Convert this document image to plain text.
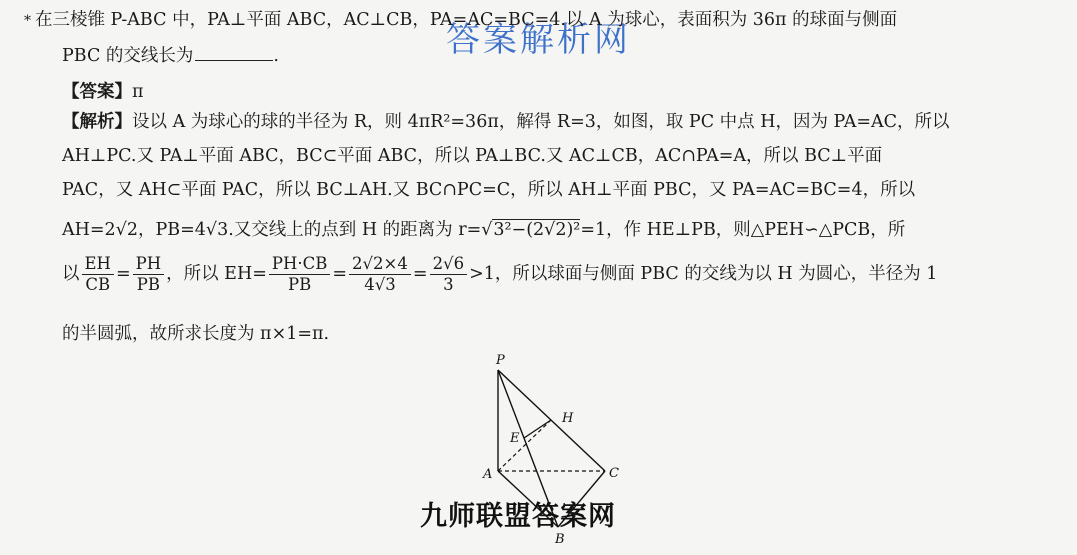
答案解析网
* 在三棱锥 P-ABC 中，PA⊥平面 ABC，AC⊥CB，PA=AC=BC=4.以 A 为球心，表面积为 36π 的球面与侧面
PBC 的交线长为	.
【答案】π
【解析】设以 A 为球心的球的半径为 R，则 4πR²=36π，解得 R=3，如图，取 PC 中点 H，因为 PA=AC，所以
AH⊥PC.又 PA⊥平面 ABC，BC⊂平面 ABC，所以 PA⊥BC.又 AC⊥CB，AC∩PA=A，所以 BC⊥平面
PAC，又 AH⊂平面 PAC，所以 BC⊥AH.又 BC∩PC=C，所以 AH⊥平面 PBC，又 PA=AC=BC=4，所以
AH=2√2，PB=4√3.又交线上的点到 H 的距离为 r=√3²−(2√2)²=1，作 HE⊥PB，则△PEH∽△PCB，所
以 $\frac{EH}{CB} = \frac{PH}{PB}$ ，所以 $EH= \frac{PH\cdot CB}{PB} = \frac{2√2\times 4}{4√3} = \frac{2√6}{3} >1$，所以球面与侧面 PBC 的交线为以 H 为圆心，半径为 1
的半圆弧，故所求长度为 π×1=π.
P
A	C
B
E
H
九师联盟答案网
